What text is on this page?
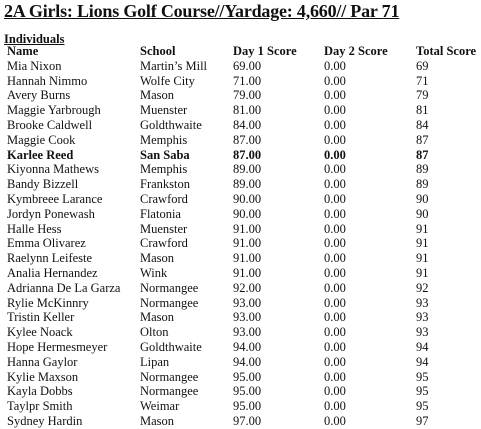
2A Girls: Lions Golf Course//Yardage: 4,660// Par 71
Individuals
Name	School	Day 1 Score	Day 2 Score	Total Score
Mia Nixon	Martin’s Mill	69.00	0.00	69
Hannah Nimmo	Wolfe City	71.00	0.00	71
Avery Burns	Mason	79.00	0.00	79
Maggie Yarbrough	Muenster	81.00	0.00	81
Brooke Caldwell	Goldthwaite	84.00	0.00	84
Maggie Cook	Memphis	87.00	0.00	87
Karlee Reed	San Saba	87.00	0.00	87
Kiyonna Mathews	Memphis	89.00	0.00	89
Bandy Bizzell	Frankston	89.00	0.00	89
Kymbreee Larance	Crawford	90.00	0.00	90
Jordyn Ponewash	Flatonia	90.00	0.00	90
Halle Hess	Muenster	91.00	0.00	91
Emma Olivarez	Crawford	91.00	0.00	91
Raelynn Leifeste	Mason	91.00	0.00	91
Analia Hernandez	Wink	91.00	0.00	91
Adrianna De La Garza	Normangee	92.00	0.00	92
Rylie McKinnry	Normangee	93.00	0.00	93
Tristin Keller	Mason	93.00	0.00	93
Kylee Noack	Olton	93.00	0.00	93
Hope Hermesmeyer	Goldthwaite	94.00	0.00	94
Hanna Gaylor	Lipan	94.00	0.00	94
Kylie Maxson	Normangee	95.00	0.00	95
Kayla Dobbs	Normangee	95.00	0.00	95
Taylpr Smith	Weimar	95.00	0.00	95
Sydney Hardin	Mason	97.00	0.00	97
